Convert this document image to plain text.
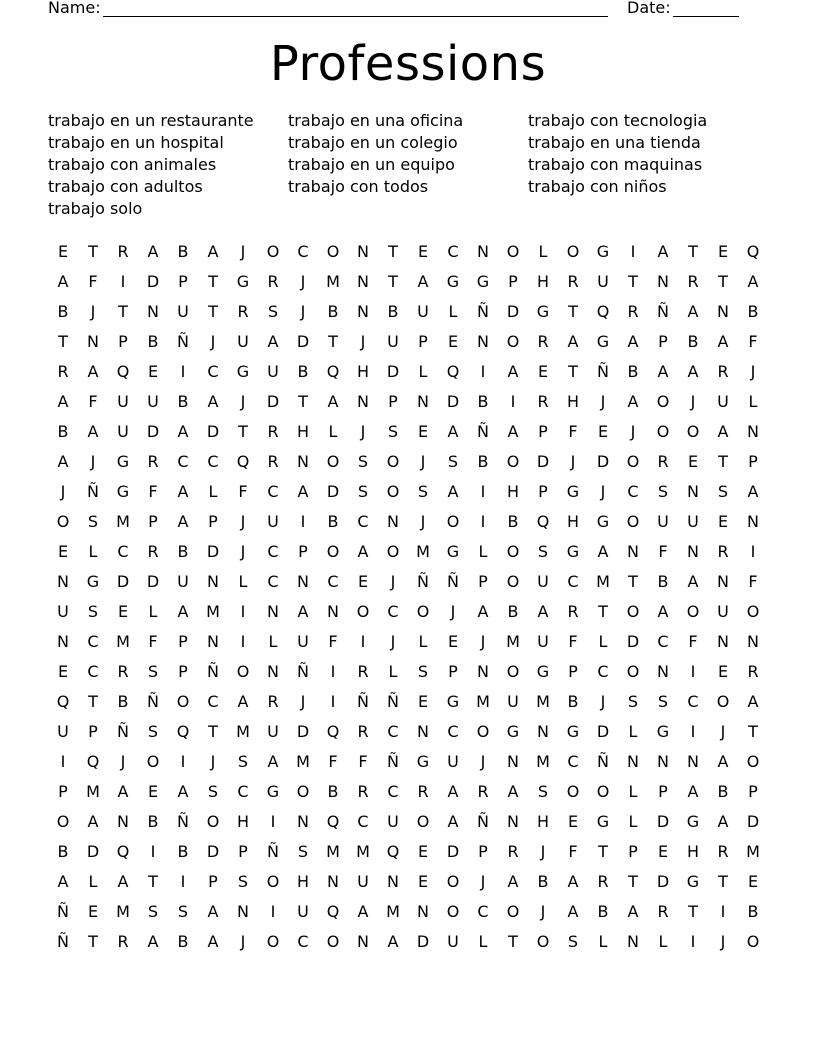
Name:	Date:
Professions
trabajo en un restaurante trabajo en una oficina	trabajo con tecnologia
trabajo en un hospital	trabajo en un colegio	trabajo en una tienda
trabajo con animales	trabajo en un equipo	trabajo con maquinas
trabajo con adultos	trabajo con todos	trabajo con niños
trabajo solo
E	T	R	A	B	A	J	O	C	O	N	T	E	C	N	O	L	O	G	I	A	T	E	Q
A	F	I	D	P	T	G	R	J	M	N	T	A	G	G	P	H	R	U	T	N	R	T	A
B	J	T	N	U	T	R	S	J	B	N	B	U	L	Ñ	D	G	T	Q	R	Ñ	A	N	B
T	N	P	B	Ñ	J	U	A	D	T	J	U	P	E	N	O	R	A	G	A	P	B	A	F
R	A	Q	E	I	C	G	U	B	Q	H	D	L	Q	I	A	E	T	Ñ	B	A	A	R	J
A	F	U	U	B	A	J	D	T	A	N	P	N	D	B	I	R	H	J	A	O	J	U	L
B	A	U	D	A	D	T	R	H	L	J	S	E	A	Ñ	A	P	F	E	J	O	O	A	N
A	J	G	R	C	C	Q	R	N	O	S	O	J	S	B	O	D	J	D	O	R	E	T	P
J	Ñ	G	F	A	L	F	C	A	D	S	O	S	A	I	H	P	G	J	C	S	N	S	A
O	S	M	P	A	P	J	U	I	B	C	N	J	O	I	B	Q	H	G	O	U	U	E	N
E	L	C	R	B	D	J	C	P	O	A	O	M	G	L	O	S	G	A	N	F	N	R	I
N	G	D	D	U	N	L	C	N	C	E	J	Ñ	Ñ	P	O	U	C	M	T	B	A	N	F
U	S	E	L	A	M	I	N	A	N	O	C	O	J	A	B	A	R	T	O	A	O	U	O
N	C	M	F	P	N	I	L	U	F	I	J	L	E	J	M	U	F	L	D	C	F	N	N
E	C	R	S	P	Ñ	O	N	Ñ	I	R	L	S	P	N	O	G	P	C	O	N	I	E	R
Q	T	B	Ñ	O	C	A	R	J	I	Ñ	Ñ	E	G	M	U	M	B	J	S	S	C	O	A
U	P	Ñ	S	Q	T	M	U	D	Q	R	C	N	C	O	G	N	G	D	L	G	I	J	T
I	Q	J	O	I	J	S	A	M	F	F	Ñ	G	U	J	N	M	C	Ñ	N	N	N	A	O
P	M	A	E	A	S	C	G	O	B	R	C	R	A	R	A	S	O	O	L	P	A	B	P
O	A	N	B	Ñ	O	H	I	N	Q	C	U	O	A	Ñ	N	H	E	G	L	D	G	A	D
B	D	Q	I	B	D	P	Ñ	S	M	M	Q	E	D	P	R	J	F	T	P	E	H	R	M
A	L	A	T	I	P	S	O	H	N	U	N	E	O	J	A	B	A	R	T	D	G	T	E
Ñ	E	M	S	S	A	N	I	U	Q	A	M	N	O	C	O	J	A	B	A	R	T	I	B
Ñ	T	R	A	B	A	J	O	C	O	N	A	D	U	L	T	O	S	L	N	L	I	J	O
